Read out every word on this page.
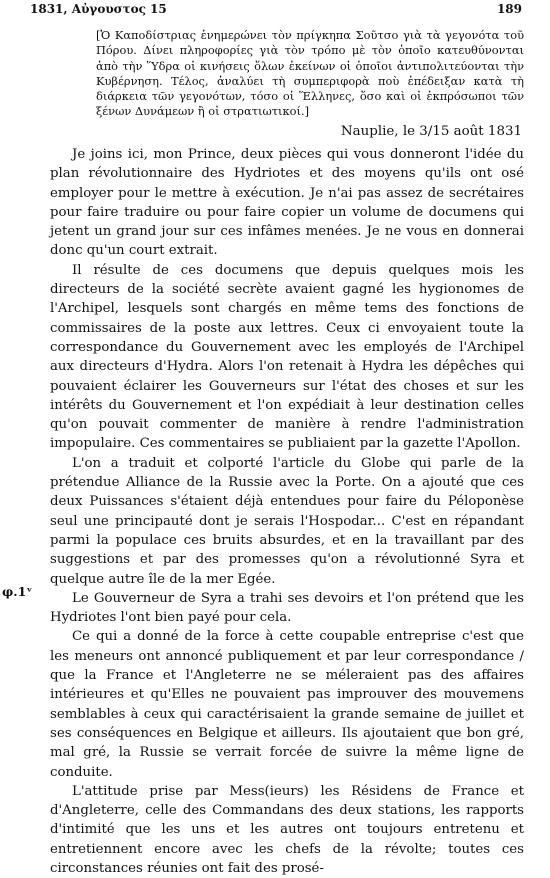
1831, Αὐγουστος 15	189

[Ὁ Καποδίστριας ἐνημερώνει τὸν πρίγκηπα Σοῦτσο γιὰ τὰ γεγονότα τοῦ Πόρου. Δίνει πληροφορίες γιὰ τὸν τρόπο μὲ τὸν ὁποῖο κατευθύνονται ἀπὸ τὴν Ὕδρα οἱ κινήσεις ὅλων ἐκείνων οἱ ὁποῖοι ἀντιπολιτεύονται τὴν Κυβέρνηση. Τέλος, ἀναλύει τὴ συμπεριφορὰ ποὺ ἐπέδειξαν κατὰ τὴ διάρκεια τῶν γεγονότων, τόσο οἱ Ἕλληνες, ὅσο καὶ οἱ ἐκπρόσωποι τῶν ξένων Δυνάμεων ἢ οἱ στρατιωτικοί.]

Nauplie, le 3/15 août 1831

Je joins ici, mon Prince, deux pièces qui vous donneront l'idée du plan révolutionnaire des Hydriotes et des moyens qu'ils ont osé employer pour le mettre à exécution. Je n'ai pas assez de secrétaires pour faire traduire ou pour faire copier un volume de documens qui jetent un grand jour sur ces infâmes menées. Je ne vous en donnerai donc qu'un court extrait.

Il résulte de ces documens que depuis quelques mois les directeurs de la société secrète avaient gagné les hygionomes de l'Archipel, lesquels sont chargés en même tems des fonctions de commissaires de la poste aux lettres. Ceux ci envoyaient toute la correspondance du Gouvernement avec les employés de l'Archipel aux directeurs d'Hydra. Alors l'on retenait à Hydra les dépêches qui pouvaient éclairer les Gouverneurs sur l'état des choses et sur les intérêts du Gouvernement et l'on expédiait à leur destination celles qu'on pouvait commenter de manière à rendre l'administration impopulaire. Ces commentaires se publiaient par la gazette l'Apollon.

L'on a traduit et colporté l'article du Globe qui parle de la prétendue Alliance de la Russie avec la Porte. On a ajouté que ces deux Puissances s'étaient déjà entendues pour faire du Péloponèse seul une principauté dont je serais l'Hospodar... C'est en répandant parmi la populace ces bruits absurdes, et en la travaillant par des suggestions et par des promesses qu'on a révolutionné Syra et quelque autre île de la mer Egée.

Le Gouverneur de Syra a trahi ses devoirs et l'on prétend que les Hydriotes l'ont bien payé pour cela.

Ce qui a donné de la force à cette coupable entreprise c'est que les meneurs ont annoncé publiquement et par leur correspondance / que la France et l'Angleterre ne se méleraient pas des affaires intérieures et qu'Elles ne pouvaient pas improuver des mouvemens semblables à ceux qui caractérisaient la grande semaine de juillet et ses conséquences en Belgique et ailleurs. Ils ajoutaient que bon gré, mal gré, la Russie se verrait forcée de suivre la même ligne de conduite.

L'attitude prise par Mess(ieurs) les Résidens de France et d'Angleterre, celle des Commandans des deux stations, les rapports d'intimité que les uns et les autres ont toujours entretenu et entretiennent encore avec les chefs de la révolte; toutes ces circonstances réunies ont fait des prosé-

φ.1ᵛ
